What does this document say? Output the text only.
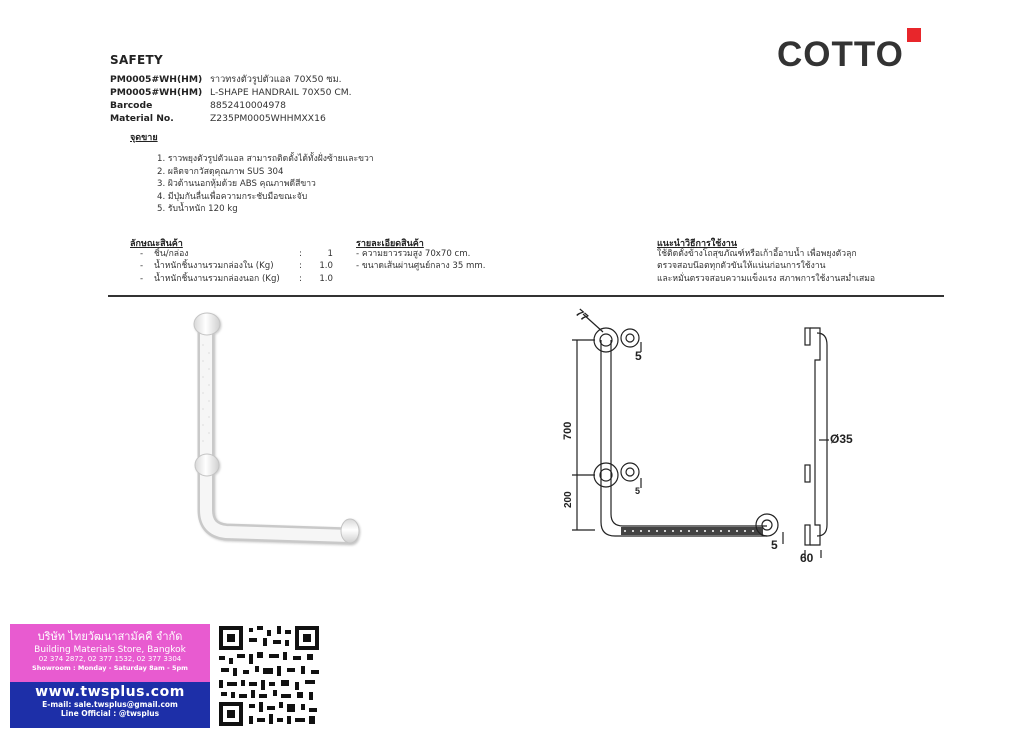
SAFETY	COTTO
PM0005#WH(HM) ราวทรงตัวรูปตัวแอล 70X50 ซม.
PM0005#WH(HM) L-SHAPE HANDRAIL 70X50 CM.
Barcode	8852410004978
Material No.	Z235PM0005WHHMXX16
จุดขาย
1. ราวพยุงตัวรูปตัวแอล สามารถติดตั้งได้ทั้งฝั่งซ้ายและขวา
2. ผลิตจากวัสดุคุณภาพ SUS 304
3. ผิวด้านนอกหุ้มด้วย ABS คุณภาพดีสีขาว
4. มีปุ่มกันลื่นเพื่อความกระชับมือขณะจับ
5. รับน้ำหนัก 120 kg
ลักษณะสินค้า
-	ชิ้น/กล่อง	:	1
-	น้ำหนักชิ้นงานรวมกล่องใน (Kg)	:	1.0
-	น้ำหนักชิ้นงานรวมกล่องนอก (Kg)	:	1.0
รายละเอียดสินค้า
- ความยาวรวมสูง 70x70 cm.
- ขนาดเส้นผ่านศูนย์กลาง 35 mm.
แนะนำวิธีการใช้งาน
ใช้ติดตั้งข้างโถสุขภัณฑ์หรือเก้าอี้อาบน้ำ เพื่อพยุงตัวลุก
ตรวจสอบน๊อตทุกตัวขันให้แน่นก่อนการใช้งาน
และหมั่นตรวจสอบความแข็งแรง สภาพการใช้งานสม่ำเสมอ
77
700
200
5
5
5
Ø35
60
บริษัท ไทยวัฒนาสามัคคี จำกัด
Building Materials Store, Bangkok
02 374 2872, 02 377 1532, 02 377 3304
Showroom : Monday - Saturday 8am - 5pm
www.twsplus.com
E-mail: sale.twsplus@gmail.com
Line Official : @twsplus
